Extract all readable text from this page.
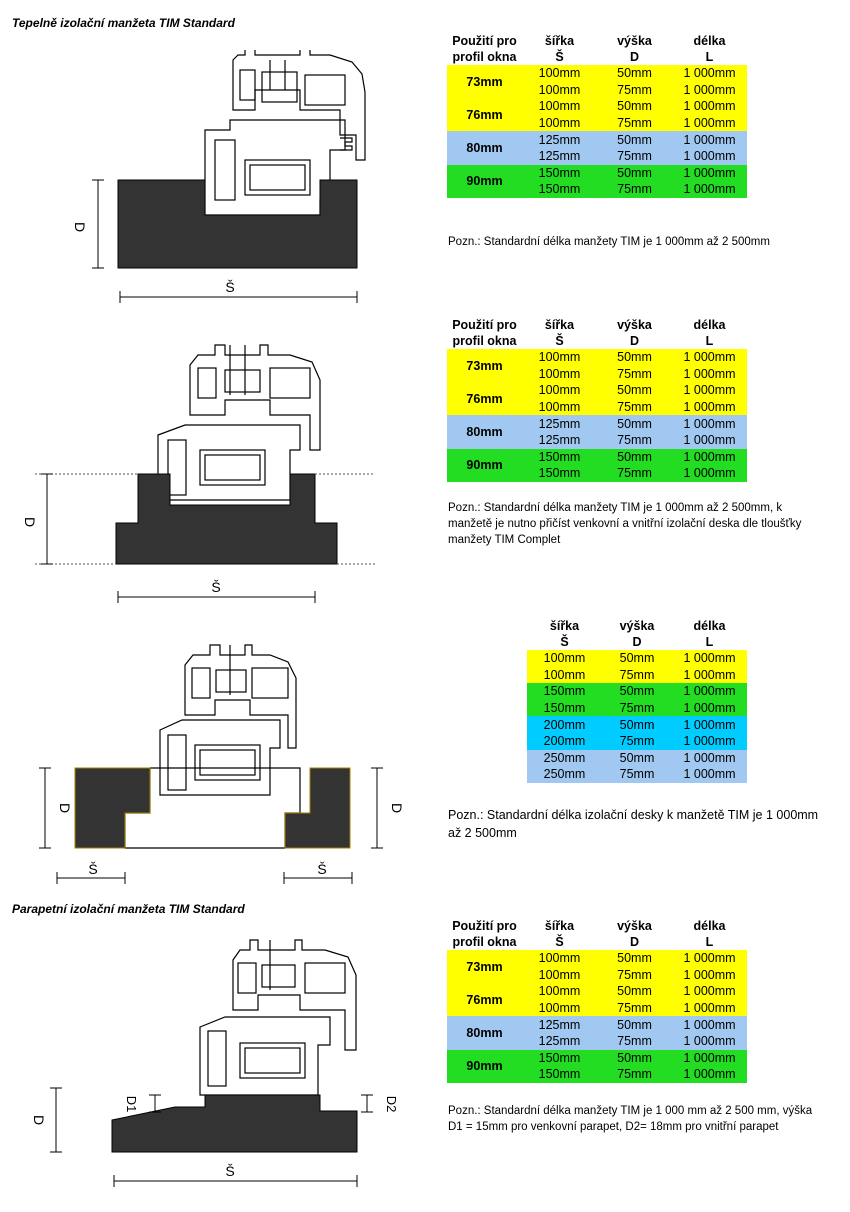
Tepelně izolační manžeta TIM Standard
D
Š
Použití pro	šířka	výška	délka
profil okna	Š	D	L
73mm	100mm	50mm	1 000mm
	100mm	75mm	1 000mm
76mm	100mm	50mm	1 000mm
	100mm	75mm	1 000mm
80mm	125mm	50mm	1 000mm
	125mm	75mm	1 000mm
90mm	150mm	50mm	1 000mm
	150mm	75mm	1 000mm
Pozn.: Standardní délka manžety TIM je 1 000mm až 2 500mm
D
Š
Použití pro	šířka	výška	délka
profil okna	Š	D	L
73mm	100mm	50mm	1 000mm
	100mm	75mm	1 000mm
76mm	100mm	50mm	1 000mm
	100mm	75mm	1 000mm
80mm	125mm	50mm	1 000mm
	125mm	75mm	1 000mm
90mm	150mm	50mm	1 000mm
	150mm	75mm	1 000mm
Pozn.: Standardní délka manžety TIM je 1 000mm až 2 500mm, k manžetě je nutno přičíst venkovní a vnitřní izolační deska dle tloušťky manžety TIM Complet
D	D
Š	Š
šířka	výška	délka
Š	D	L
100mm	50mm	1 000mm
100mm	75mm	1 000mm
150mm	50mm	1 000mm
150mm	75mm	1 000mm
200mm	50mm	1 000mm
200mm	75mm	1 000mm
250mm	50mm	1 000mm
250mm	75mm	1 000mm
Pozn.: Standardní délka izolační desky k manžetě TIM je 1 000mm až 2 500mm
Parapetní izolační manžeta TIM Standard
D
D1	D2
Š
Použití pro	šířka	výška	délka
profil okna	Š	D	L
73mm	100mm	50mm	1 000mm
	100mm	75mm	1 000mm
76mm	100mm	50mm	1 000mm
	100mm	75mm	1 000mm
80mm	125mm	50mm	1 000mm
	125mm	75mm	1 000mm
90mm	150mm	50mm	1 000mm
	150mm	75mm	1 000mm
Pozn.: Standardní délka manžety TIM je 1 000 mm až 2 500 mm, výška D1 = 15mm pro venkovní parapet, D2= 18mm pro vnitřní parapet
